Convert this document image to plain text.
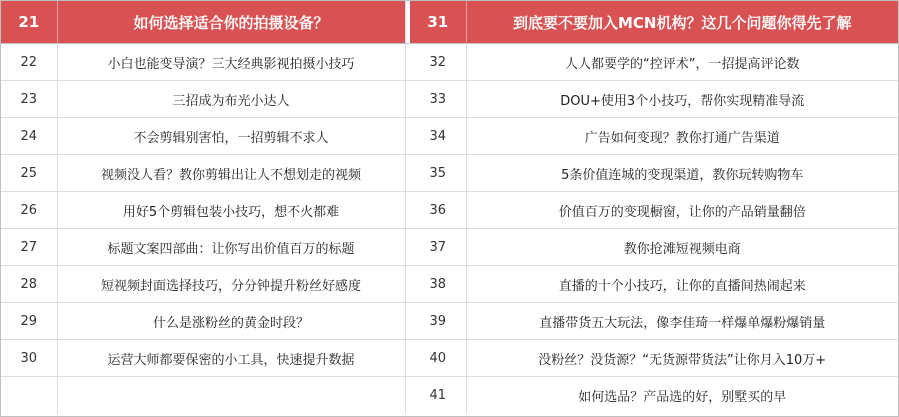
21	如何选择适合你的拍摄设备？		31	到底要不要加入MCN机构？这几个问题你得先了解
22	小白也能变导演？三大经典影视拍摄小技巧		32	人人都要学的“控评术”，一招提高评论数
23	三招成为布光小达人		33	DOU+使用3个小技巧，帮你实现精准导流
24	不会剪辑别害怕，一招剪辑不求人		34	广告如何变现？教你打通广告渠道
25	视频没人看？教你剪辑出让人不想划走的视频		35	5条价值连城的变现渠道，教你玩转购物车
26	用好5个剪辑包装小技巧，想不火都难		36	价值百万的变现橱窗，让你的产品销量翻倍
27	标题文案四部曲：让你写出价值百万的标题		37	教你抢滩短视频电商
28	短视频封面选择技巧，分分钟提升粉丝好感度		38	直播的十个小技巧，让你的直播间热闹起来
29	什么是涨粉丝的黄金时段？		39	直播带货五大玩法，像李佳琦一样爆单爆粉爆销量
30	运营大师都要保密的小工具，快速提升数据		40	没粉丝？没货源？“无货源带货法”让你月入10万+
			41	如何选品？产品选的好，别墅买的早
